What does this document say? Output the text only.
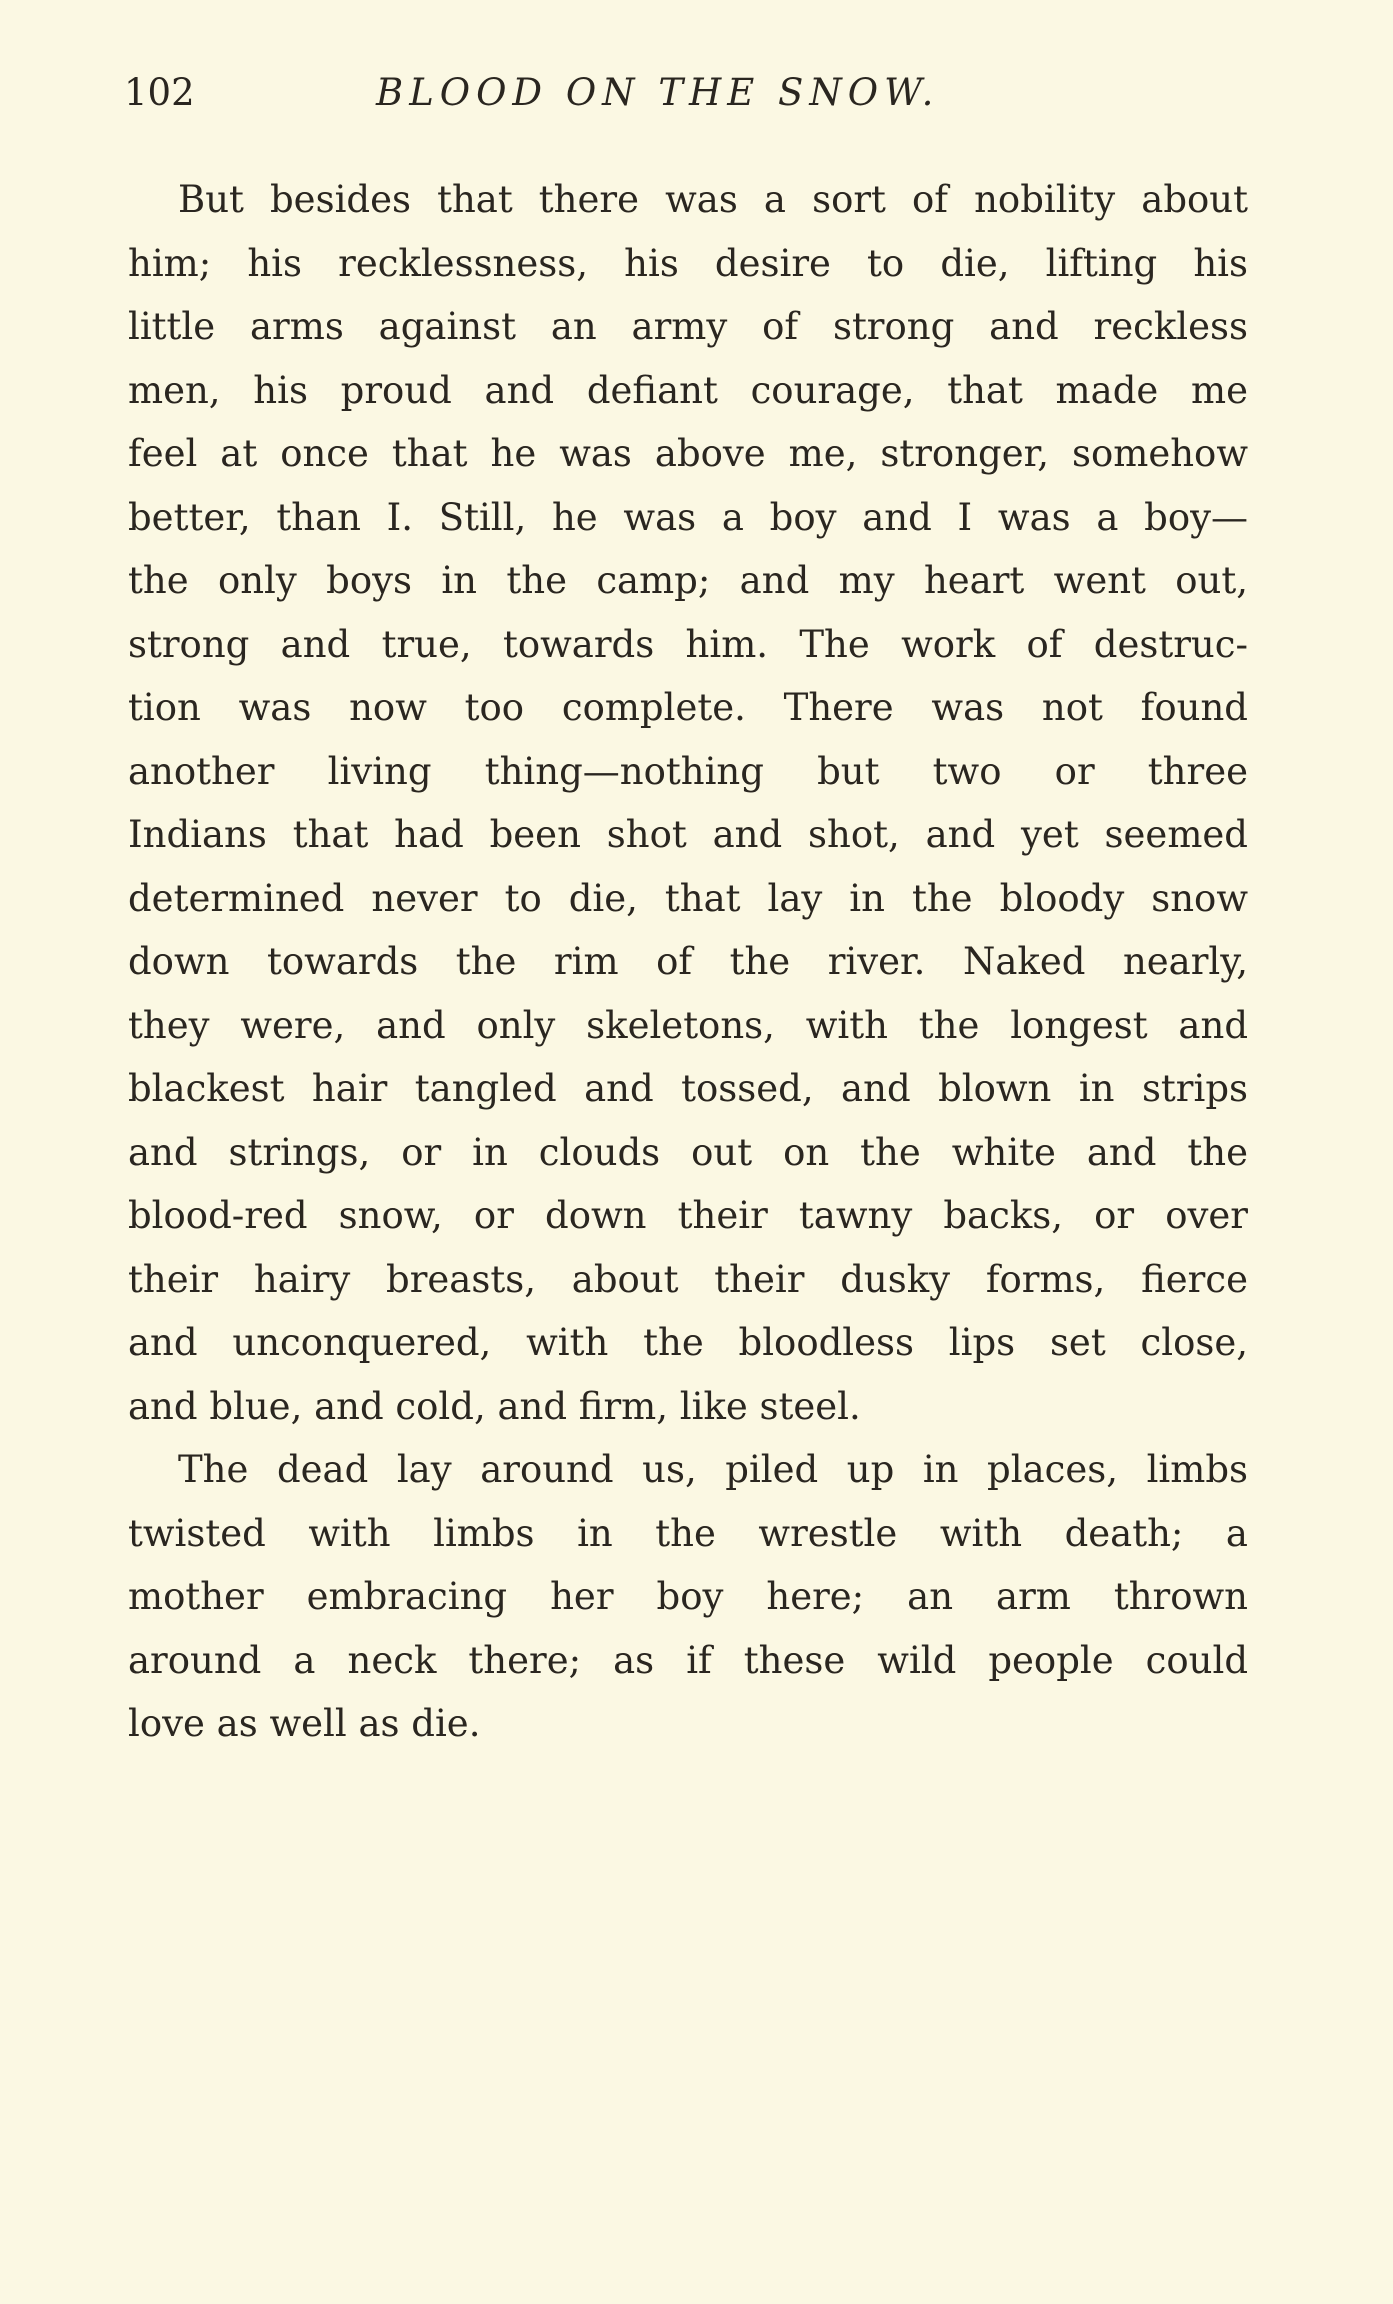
102	BLOOD ON THE SNOW.
But besides that there was a sort of nobility about
him; his recklessness, his desire to die, lifting his
little arms against an army of strong and reckless
men, his proud and defiant courage, that made me
feel at once that he was above me, stronger, somehow
better, than I. Still, he was a boy and I was a boy—
the only boys in the camp; and my heart went out,
strong and true, towards him. The work of destruc-
tion was now too complete. There was not found
another living thing—nothing but two or three
Indians that had been shot and shot, and yet seemed
determined never to die, that lay in the bloody snow
down towards the rim of the river. Naked nearly,
they were, and only skeletons, with the longest and
blackest hair tangled and tossed, and blown in strips
and strings, or in clouds out on the white and the
blood-red snow, or down their tawny backs, or over
their hairy breasts, about their dusky forms, fierce
and unconquered, with the bloodless lips set close,
and blue, and cold, and firm, like steel.
The dead lay around us, piled up in places, limbs
twisted with limbs in the wrestle with death; a
mother embracing her boy here; an arm thrown
around a neck there; as if these wild people could
love as well as die.
